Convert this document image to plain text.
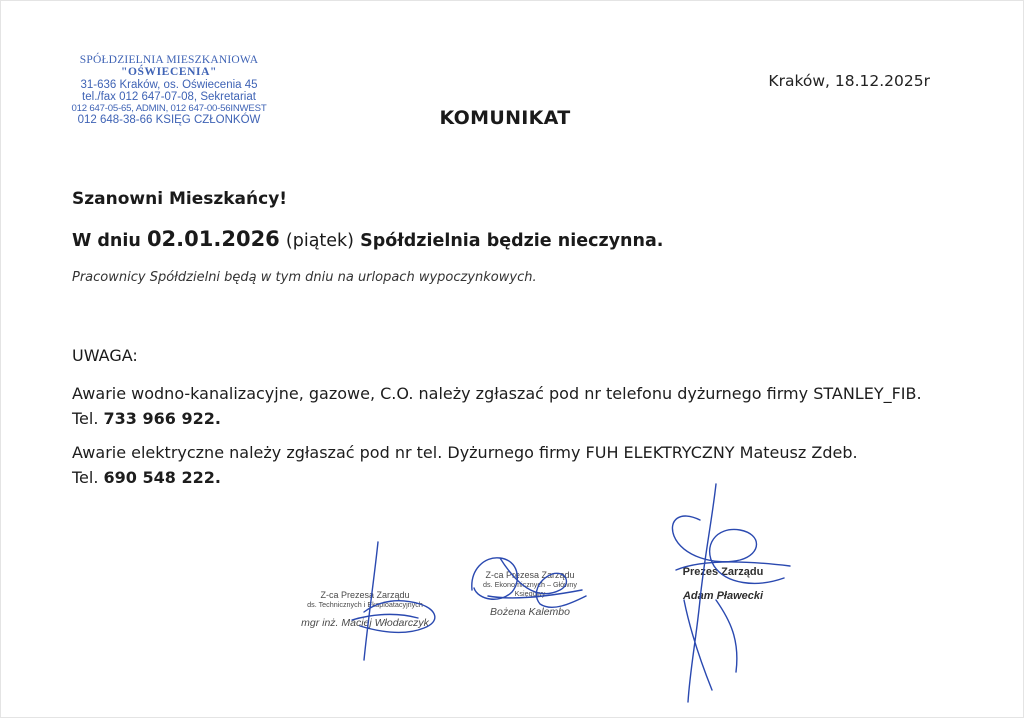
SPÓŁDZIELNIA MIESZKANIOWA
"OŚWIECENIA"
31-636 Kraków, os. Oświecenia 45
tel./fax 012 647-07-08, Sekretariat
012 647-05-65, ADMIN, 012 647-00-56INWEST
012 648-38-66 KSIĘG CZŁONKÓW
Kraków, 18.12.2025r
KOMUNIKAT
Szanowni Mieszkańcy!
W dniu 02.01.2026 (piątek) Spółdzielnia będzie nieczynna.
Pracownicy Spółdzielni będą w tym dniu na urlopach wypoczynkowych.
UWAGA:
Awarie wodno-kanalizacyjne, gazowe, C.O. należy zgłaszać pod nr telefonu dyżurnego firmy STANLEY_FIB.
Tel. 733 966 922.
Awarie elektryczne należy zgłaszać pod nr tel. Dyżurnego firmy FUH ELEKTRYCZNY Mateusz Zdeb.
Tel. 690 548 222.
Z-ca Prezesa Zarządu
ds. Technicznych i Eksploatacyjnych
mgr inż. Maciej Włodarczyk
Z-ca Prezesa Zarządu
ds. Ekonomicznych – Główny Księgowy
Bożena Kalembo
Prezes Zarządu
Adam Pławecki
